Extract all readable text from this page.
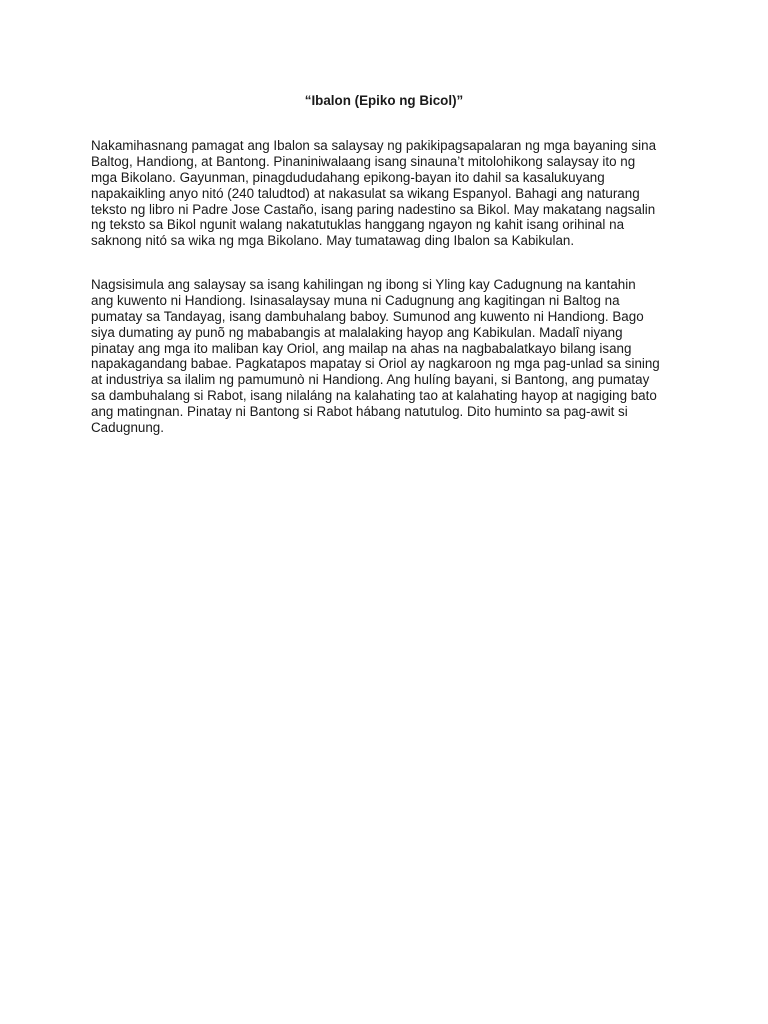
“Ibalon (Epiko ng Bicol)”

Nakamihasnang pamagat ang Ibalon sa salaysay ng pakikipagsapalaran ng mga bayaning sina
Baltog, Handiong, at Bantong. Pinaniniwalaang isang sinauna’t mitolohikong salaysay ito ng
mga Bikolano. Gayunman, pinagdududahang epikong-bayan ito dahil sa kasalukuyang
napakaikling anyo nitó (240 taludtod) at nakasulat sa wikang Espanyol. Bahagi ang naturang
teksto ng libro ni Padre Jose Castaño, isang paring nadestino sa Bikol. May makatang nagsalin
ng teksto sa Bikol ngunit walang nakatutuklas hanggang ngayon ng kahit isang orihinal na
saknong nitó sa wika ng mga Bikolano. May tumatawag ding Ibalon sa Kabikulan.

Nagsisimula ang salaysay sa isang kahilingan ng ibong si Yling kay Cadugnung na kantahin
ang kuwento ni Handiong. Isinasalaysay muna ni Cadugnung ang kagitingan ni Baltog na
pumatay sa Tandayag, isang dambuhalang baboy. Sumunod ang kuwento ni Handiong. Bago
siya dumating ay punõ ng mababangis at malalaking hayop ang Kabikulan. Madalî niyang
pinatay ang mga ito maliban kay Oriol, ang mailap na ahas na nagbabalatkayo bilang isang
napakagandang babae. Pagkatapos mapatay si Oriol ay nagkaroon ng mga pag-unlad sa sining
at industriya sa ilalim ng pamumunò ni Handiong. Ang hulíng bayani, si Bantong, ang pumatay
sa dambuhalang si Rabot, isang nilaláng na kalahating tao at kalahating hayop at nagiging bato
ang matingnan. Pinatay ni Bantong si Rabot hábang natutulog. Dito huminto sa pag-awit si
Cadugnung.
